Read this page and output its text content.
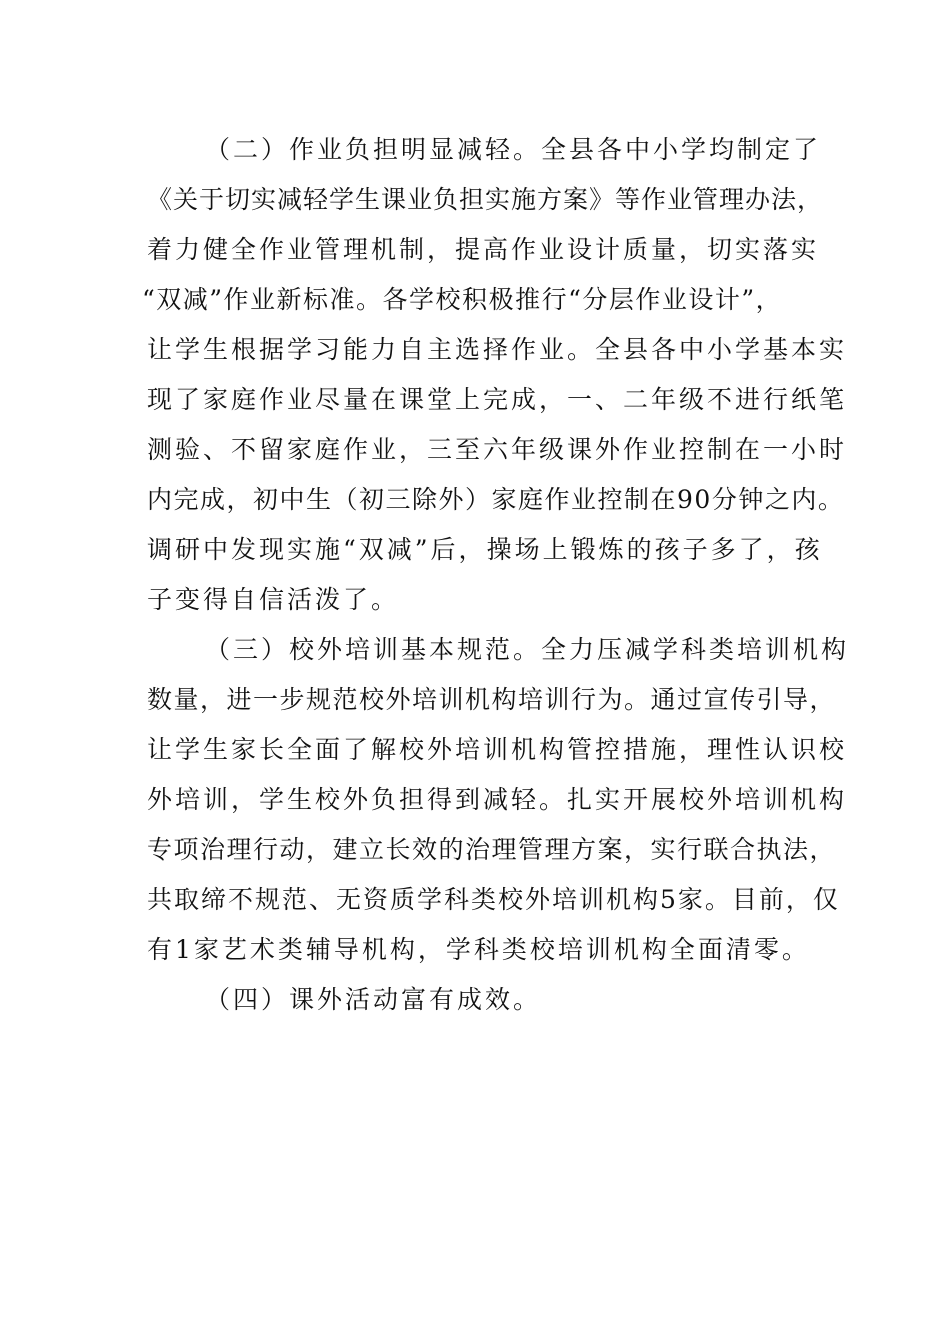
（二）作业负担明显减轻。全县各中小学均制定了
《关于切实减轻学生课业负担实施方案》等作业管理办法，
着力健全作业管理机制，提高作业设计质量，切实落实
“双减”作业新标准。各学校积极推行“分层作业设计”，
让学生根据学习能力自主选择作业。全县各中小学基本实
现了家庭作业尽量在课堂上完成，一、二年级不进行纸笔
测验、不留家庭作业，三至六年级课外作业控制在一小时
内完成，初中生（初三除外）家庭作业控制在90分钟之内。
调研中发现实施“双减”后，操场上锻炼的孩子多了，孩
子变得自信活泼了。
（三）校外培训基本规范。全力压减学科类培训机构
数量，进一步规范校外培训机构培训行为。通过宣传引导，
让学生家长全面了解校外培训机构管控措施，理性认识校
外培训，学生校外负担得到减轻。扎实开展校外培训机构
专项治理行动，建立长效的治理管理方案，实行联合执法，
共取缔不规范、无资质学科类校外培训机构5家。目前，仅
有1家艺术类辅导机构，学科类校培训机构全面清零。
（四）课外活动富有成效。
